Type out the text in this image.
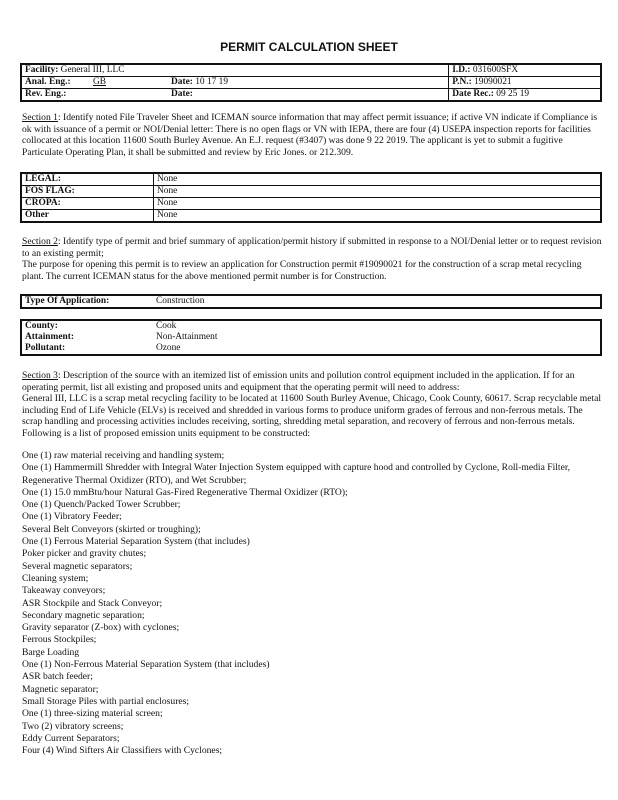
PERMIT CALCULATION SHEET
Facility: General III, LLC		I.D.: 031600SFX
Anal. Eng.: GB	Date: 10 17 19	P.N.: 19090021
Rev. Eng.:	Date:	Date Rec.: 09 25 19
Section 1: Identify noted File Traveler Sheet and ICEMAN source information that may affect permit issuance; if active VN indicate if Compliance is ok with issuance of a permit or NOI/Denial letter: There is no open flags or VN with IEPA, there are four (4) USEPA inspection reports for facilities collocated at this location 11600 South Burley Avenue. An E.J. request (#3407) was done 9 22 2019. The applicant is yet to submit a fugitive Particulate Operating Plan, it shall be submitted and review by Eric Jones. or 212.309.
LEGAL:	None
FOS FLAG:	None
CROPA:	None
Other	None
Section 2: Identify type of permit and brief summary of application/permit history if submitted in response to a NOI/Denial letter or to request revision to an existing permit;
The purpose for opening this permit is to review an application for Construction permit #19090021 for the construction of a scrap metal recycling plant. The current ICEMAN status for the above mentioned permit number is for Construction.
Type Of Application:	Construction
County:	Cook
Attainment:	Non-Attainment
Pollutant:	Ozone
Section 3: Description of the source with an itemized list of emission units and pollution control equipment included in the application. If for an operating permit, list all existing and proposed units and equipment that the operating permit will need to address:
General III, LLC is a scrap metal recycling facility to be located at 11600 South Burley Avenue, Chicago, Cook County, 60617. Scrap recyclable metal including End of Life Vehicle (ELVs) is received and shredded in various forms to produce uniform grades of ferrous and non-ferrous metals. The scrap handling and processing activities includes receiving, sorting, shredding metal separation, and recovery of ferrous and non-ferrous metals. Following is a list of proposed emission units equipment to be constructed:
One (1) raw material receiving and handling system;
One (1) Hammermill Shredder with Integral Water Injection System equipped with capture hood and controlled by Cyclone, Roll-media Filter, Regenerative Thermal Oxidizer (RTO), and Wet Scrubber;
One (1) 15.0 mmBtu/hour Natural Gas-Fired Regenerative Thermal Oxidizer (RTO);
One (1) Quench/Packed Tower Scrubber;
One (1) Vibratory Feeder;
Several Belt Conveyors (skirted or troughing);
One (1) Ferrous Material Separation System (that includes)
Poker picker and gravity chutes;
Several magnetic separators;
Cleaning system;
Takeaway conveyors;
ASR Stockpile and Stack Conveyor;
Secondary magnetic separation;
Gravity separator (Z-box) with cyclones;
Ferrous Stockpiles;
Barge Loading
One (1) Non-Ferrous Material Separation System (that includes)
ASR batch feeder;
Magnetic separator;
Small Storage Piles with partial enclosures;
One (1) three-sizing material screen;
Two (2) vibratory screens;
Eddy Current Separators;
Four (4) Wind Sifters Air Classifiers with Cyclones;
